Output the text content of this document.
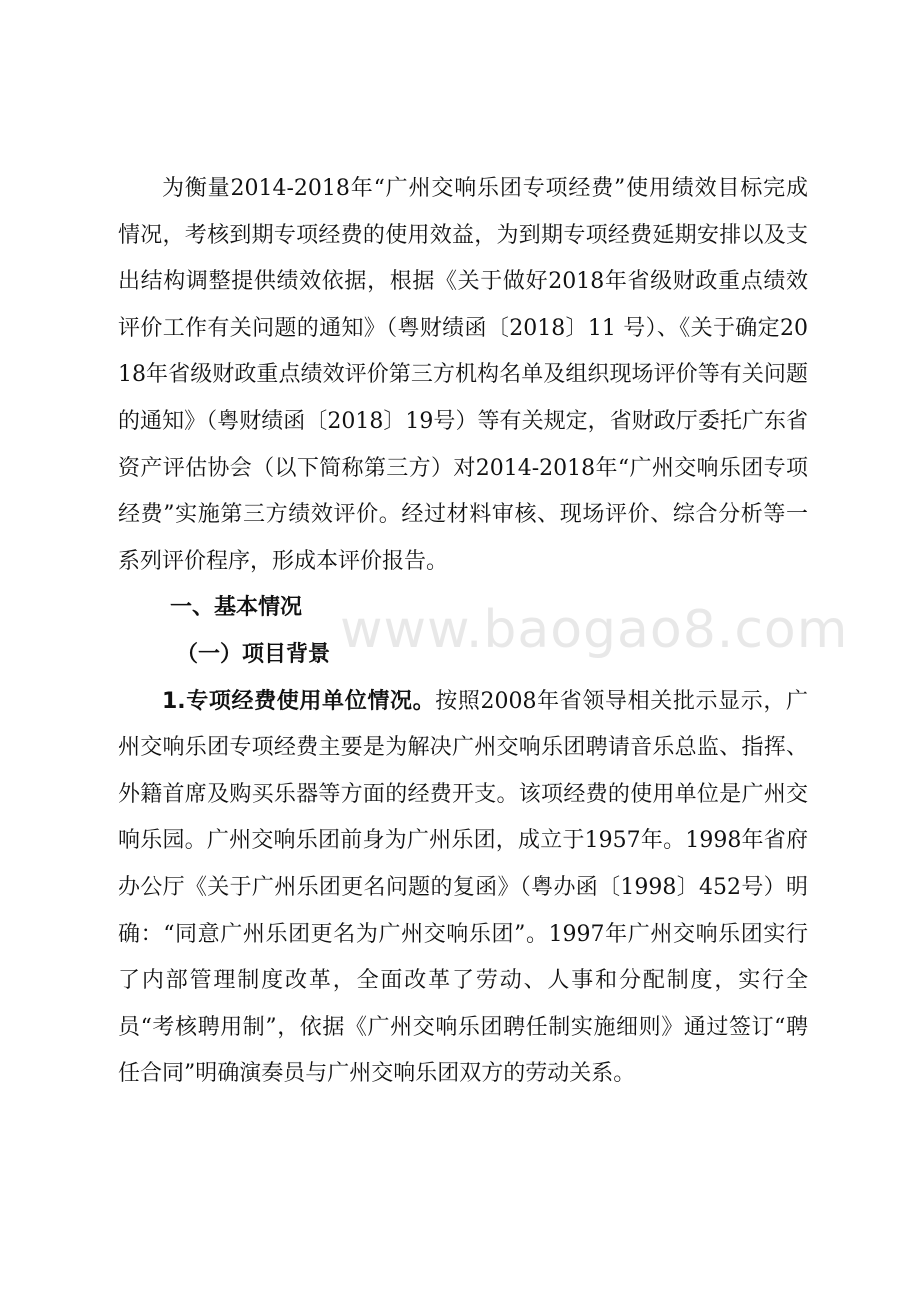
www.baogao8.com

为衡量2014-2018年“广州交响乐团专项经费”使用绩效目标完成情况，考核到期专项经费的使用效益，为到期专项经费延期安排以及支出结构调整提供绩效依据，根据《关于做好2018年省级财政重点绩效评价工作有关问题的通知》（粤财绩函〔2018〕11 号）、《关于确定2018年省级财政重点绩效评价第三方机构名单及组织现场评价等有关问题的通知》（粤财绩函〔2018〕19号）等有关规定，省财政厅委托广东省资产评估协会（以下简称第三方）对2014-2018年“广州交响乐团专项经费”实施第三方绩效评价。经过材料审核、现场评价、综合分析等一系列评价程序，形成本评价报告。

一、基本情况

（一）项目背景

1.专项经费使用单位情况。按照2008年省领导相关批示显示，广州交响乐团专项经费主要是为解决广州交响乐团聘请音乐总监、指挥、外籍首席及购买乐器等方面的经费开支。该项经费的使用单位是广州交响乐园。广州交响乐团前身为广州乐团，成立于1957年。1998年省府办公厅《关于广州乐团更名问题的复函》（粤办函〔1998〕452号）明确：“同意广州乐团更名为广州交响乐团”。1997年广州交响乐团实行了内部管理制度改革，全面改革了劳动、人事和分配制度，实行全员“考核聘用制”，依据《广州交响乐团聘任制实施细则》通过签订“聘任合同”明确演奏员与广州交响乐团双方的劳动关系。
